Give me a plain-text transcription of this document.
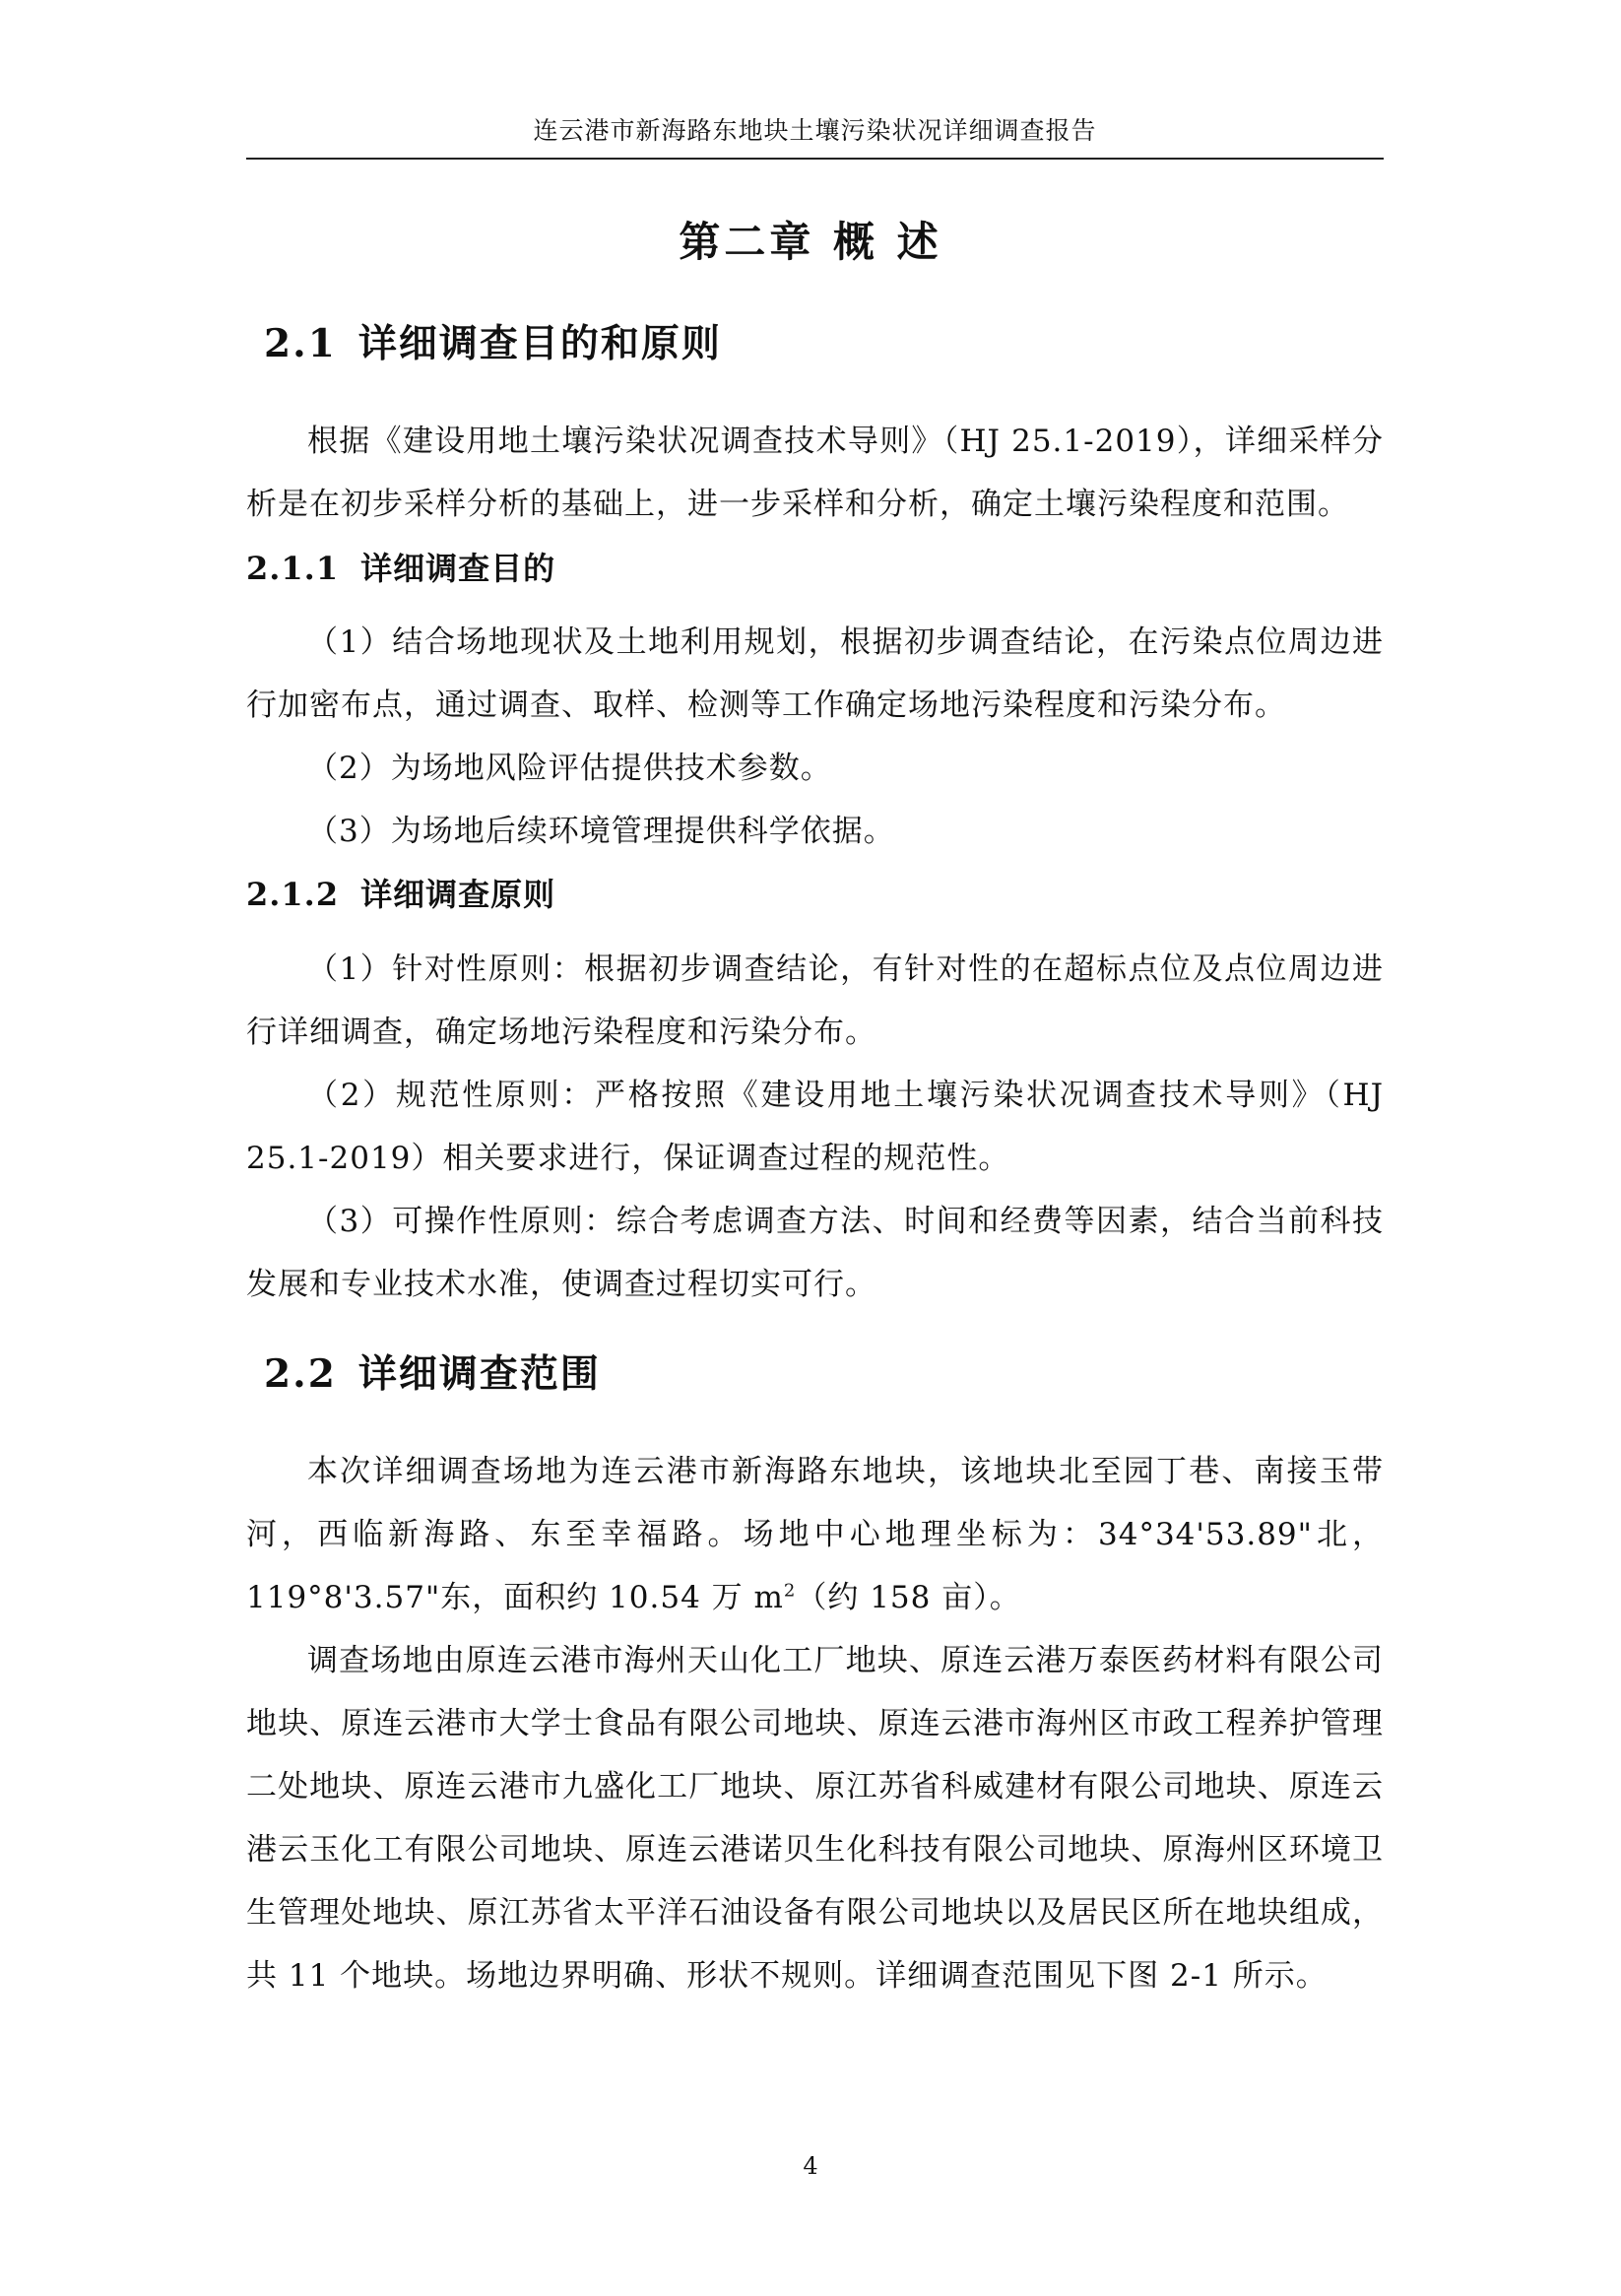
连云港市新海路东地块土壤污染状况详细调查报告
第二章 概 述
2.1 详细调查目的和原则

根据《建设用地土壤污染状况调查技术导则》（HJ 25.1-2019），详细采样分析是在初步采样分析的基础上，进一步采样和分析，确定土壤污染程度和范围。

2.1.1 详细调查目的

（1）结合场地现状及土地利用规划，根据初步调查结论，在污染点位周边进行加密布点，通过调查、取样、检测等工作确定场地污染程度和污染分布。

（2）为场地风险评估提供技术参数。

（3）为场地后续环境管理提供科学依据。

2.1.2 详细调查原则

（1）针对性原则：根据初步调查结论，有针对性的在超标点位及点位周边进行详细调查，确定场地污染程度和污染分布。

（2）规范性原则：严格按照《建设用地土壤污染状况调查技术导则》（HJ 25.1-2019）相关要求进行，保证调查过程的规范性。

（3）可操作性原则：综合考虑调查方法、时间和经费等因素，结合当前科技发展和专业技术水准，使调查过程切实可行。

2.2 详细调查范围

本次详细调查场地为连云港市新海路东地块，该地块北至园丁巷、南接玉带河，西临新海路、东至幸福路。场地中心地理坐标为：34°34'53.89"北，119°8'3.57"东，面积约 10.54 万 $m^2$（约 158 亩）。

调查场地由原连云港市海州天山化工厂地块、原连云港万泰医药材料有限公司地块、原连云港市大学士食品有限公司地块、原连云港市海州区市政工程养护管理二处地块、原连云港市九盛化工厂地块、原江苏省科威建材有限公司地块、原连云港云玉化工有限公司地块、原连云港诺贝生化科技有限公司地块、原海州区环境卫生管理处地块、原江苏省太平洋石油设备有限公司地块以及居民区所在地块组成，共 11 个地块。场地边界明确、形状不规则。详细调查范围见下图 2-1 所示。

4
